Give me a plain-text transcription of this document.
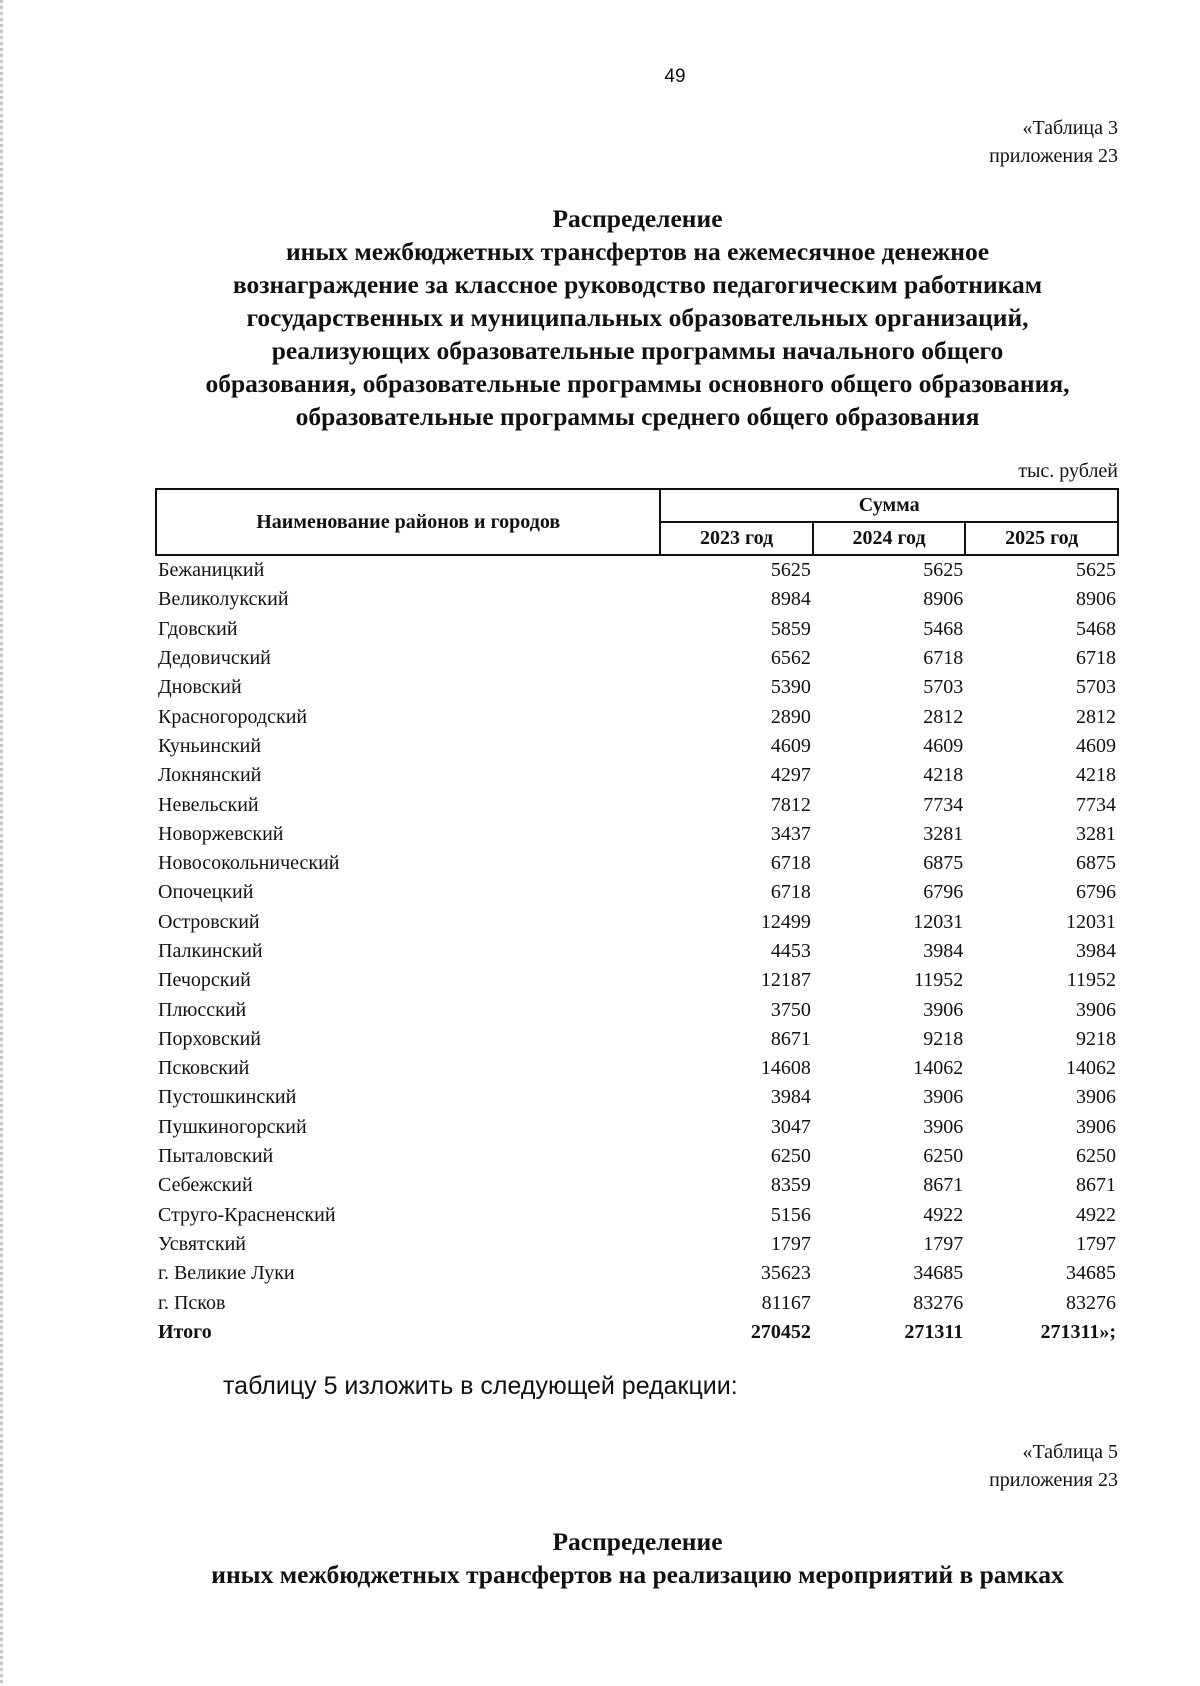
49
«Таблица 3
приложения 23
Распределение
иных межбюджетных трансфертов на ежемесячное денежное
вознаграждение за классное руководство педагогическим работникам
государственных и муниципальных образовательных организаций,
реализующих образовательные программы начального общего
образования, образовательные программы основного общего образования,
образовательные программы среднего общего образования
тыс. рублей
Наименование районов и городов	Сумма		
	2023 год	2024 год	2025 год
Бежаницкий	5625	5625	5625
Великолукский	8984	8906	8906
Гдовский	5859	5468	5468
Дедовичский	6562	6718	6718
Дновский	5390	5703	5703
Красногородский	2890	2812	2812
Куньинский	4609	4609	4609
Локнянский	4297	4218	4218
Невельский	7812	7734	7734
Новоржевский	3437	3281	3281
Новосокольнический	6718	6875	6875
Опочецкий	6718	6796	6796
Островский	12499	12031	12031
Палкинский	4453	3984	3984
Печорский	12187	11952	11952
Плюсский	3750	3906	3906
Порховский	8671	9218	9218
Псковский	14608	14062	14062
Пустошкинский	3984	3906	3906
Пушкиногорский	3047	3906	3906
Пыталовский	6250	6250	6250
Себежский	8359	8671	8671
Струго-Красненский	5156	4922	4922
Усвятский	1797	1797	1797
г. Великие Луки	35623	34685	34685
г. Псков	81167	83276	83276
Итого	270452	271311	271311»;
таблицу 5 изложить в следующей редакции:
«Таблица 5
приложения 23
Распределение
иных межбюджетных трансфертов на реализацию мероприятий в рамках
